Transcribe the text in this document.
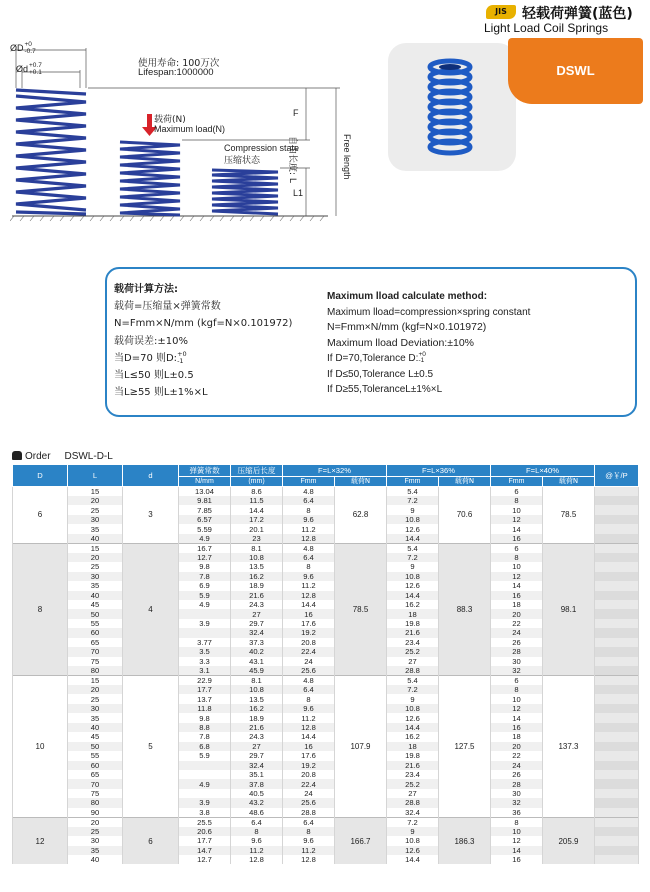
JIS	轻载荷弹簧(蓝色)
Light Load Coil Springs
ØD+0
-0.7
Ød+0.7
+0.1
使用寿命: 100万次
Lifespan:1000000
载荷(N)
Maximum load(N)
Compression state
压缩状态
F
L1
自由长度: L	Free length
DSWL
载荷计算方法:
载荷=压缩量×弹簧常数
N=Fmm×N/mm (kgf=N×0.101972)
载荷误差:±10%
当D=70 则D:+0
-1
当L≤50 则L±0.5
当L≥55 则L±1%×L
Maximum lload calculate method:
Maximum lload=compression×spring constant
N=Fmm×N/mm (kgf=N×0.101972)
Maximum lload Deviation:±10%
If D=70,Tolerance D:+0
-1
If D≤50,Tolerance L±0.5
If D≥55,ToleranceL±1%×L
Order DSWL-D-L
D	L	d	弹簧常数	压缩后长度	F=L×32%		F=L×36%		F=L×40%		@￥/P
			N/mm	(mm)	Fmm	载荷N	Fmm	载荷N	Fmm	载荷N	
6	15	3	13.04	8.6	4.8	62.8	5.4	70.6	6	78.5	
	20		9.81	11.5	6.4		7.2		8		
	25		7.85	14.4	8		9		10		
	30		6.57	17.2	9.6		10.8		12		
	35		5.59	20.1	11.2		12.6		14		
	40		4.9	23	12.8		14.4		16		
8	15	4	16.7	8.1	4.8	78.5	5.4	88.3	6	98.1	
	20		12.7	10.8	6.4		7.2		8		
	25		9.8	13.5	8		9		10		
	30		7.8	16.2	9.6		10.8		12		
	35		6.9	18.9	11.2		12.6		14		
	40		5.9	21.6	12.8		14.4		16		
	45		4.9	24.3	14.4		16.2		18		
	50			27	16		18		20		
	55		3.9	29.7	17.6		19.8		22		
	60			32.4	19.2		21.6		24		
	65		3.77	37.3	20.8		23.4		26		
	70		3.5	40.2	22.4		25.2		28		
	75		3.3	43.1	24		27		30		
	80		3.1	45.9	25.6		28.8		32		
10	15	5	22.9	8.1	4.8	107.9	5.4	127.5	6	137.3	
	20		17.7	10.8	6.4		7.2		8		
	25		13.7	13.5	8		9		10		
	30		11.8	16.2	9.6		10.8		12		
	35		9.8	18.9	11.2		12.6		14		
	40		8.8	21.6	12.8		14.4		16		
	45		7.8	24.3	14.4		16.2		18		
	50		6.8	27	16		18		20		
	55		5.9	29.7	17.6		19.8		22		
	60			32.4	19.2		21.6		24		
	65			35.1	20.8		23.4		26		
	70		4.9	37.8	22.4		25.2		28		
	75			40.5	24		27		30		
	80		3.9	43.2	25.6		28.8		32		
	90		3.8	48.6	28.8		32.4		36		
12	20	6	25.5	6.4	6.4	166.7	7.2	186.3	8	205.9	
	25		20.6	8	8		9		10		
	30		17.7	9.6	9.6		10.8		12		
	35		14.7	11.2	11.2		12.6		14		
	40		12.7	12.8	12.8		14.4		16		
